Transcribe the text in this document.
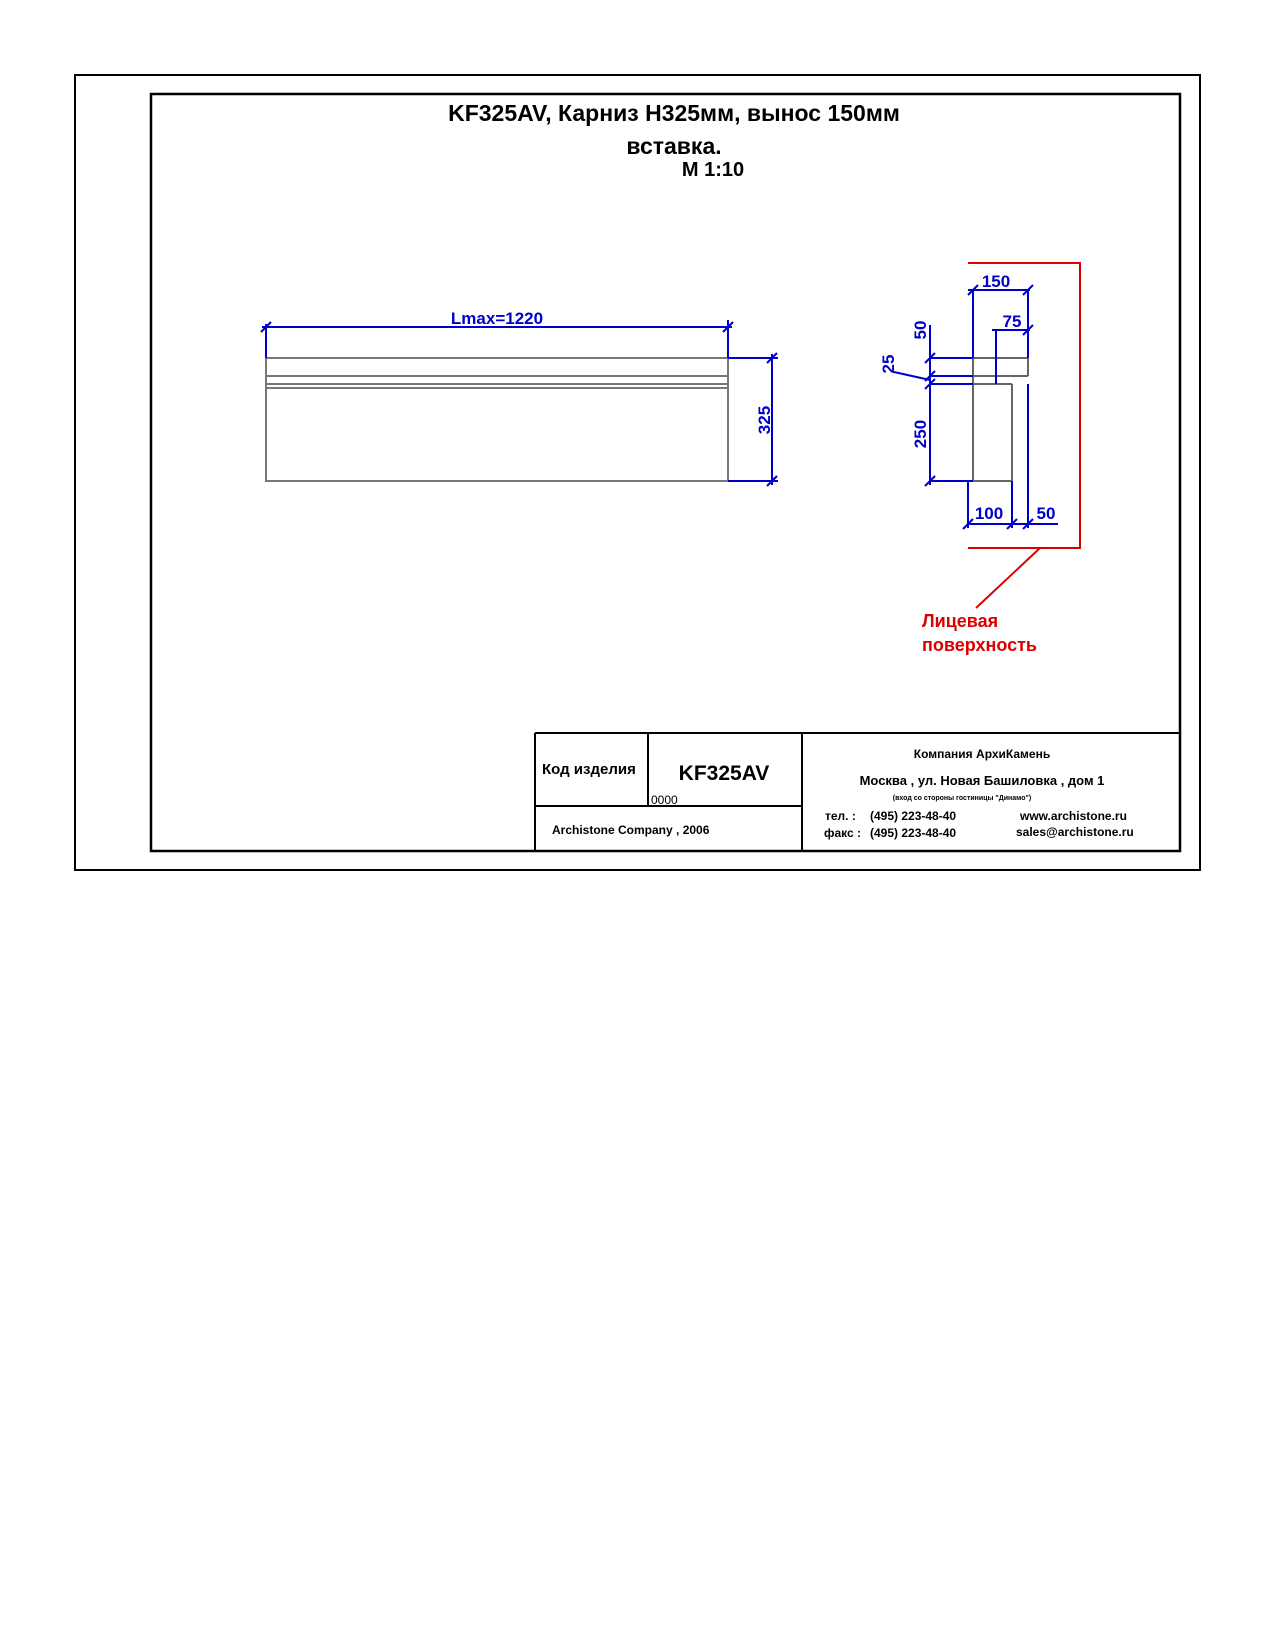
KF325AV, Карниз Н325мм, вынос 150мм
вставка.
М 1:10
Lmax=1220
325
Лицевая
поверхность
150
75
50
25
250
100 50
Код изделия KF325AV
0000
Archistone Company , 2006
Компания АрхиКамень
Москва , ул. Новая Башиловка , дом 1
(вход со стороны гостиницы "Динамо")
тел. : (495) 223-48-40
факс : (495) 223-48-40
www.archistone.ru
sales@archistone.ru
